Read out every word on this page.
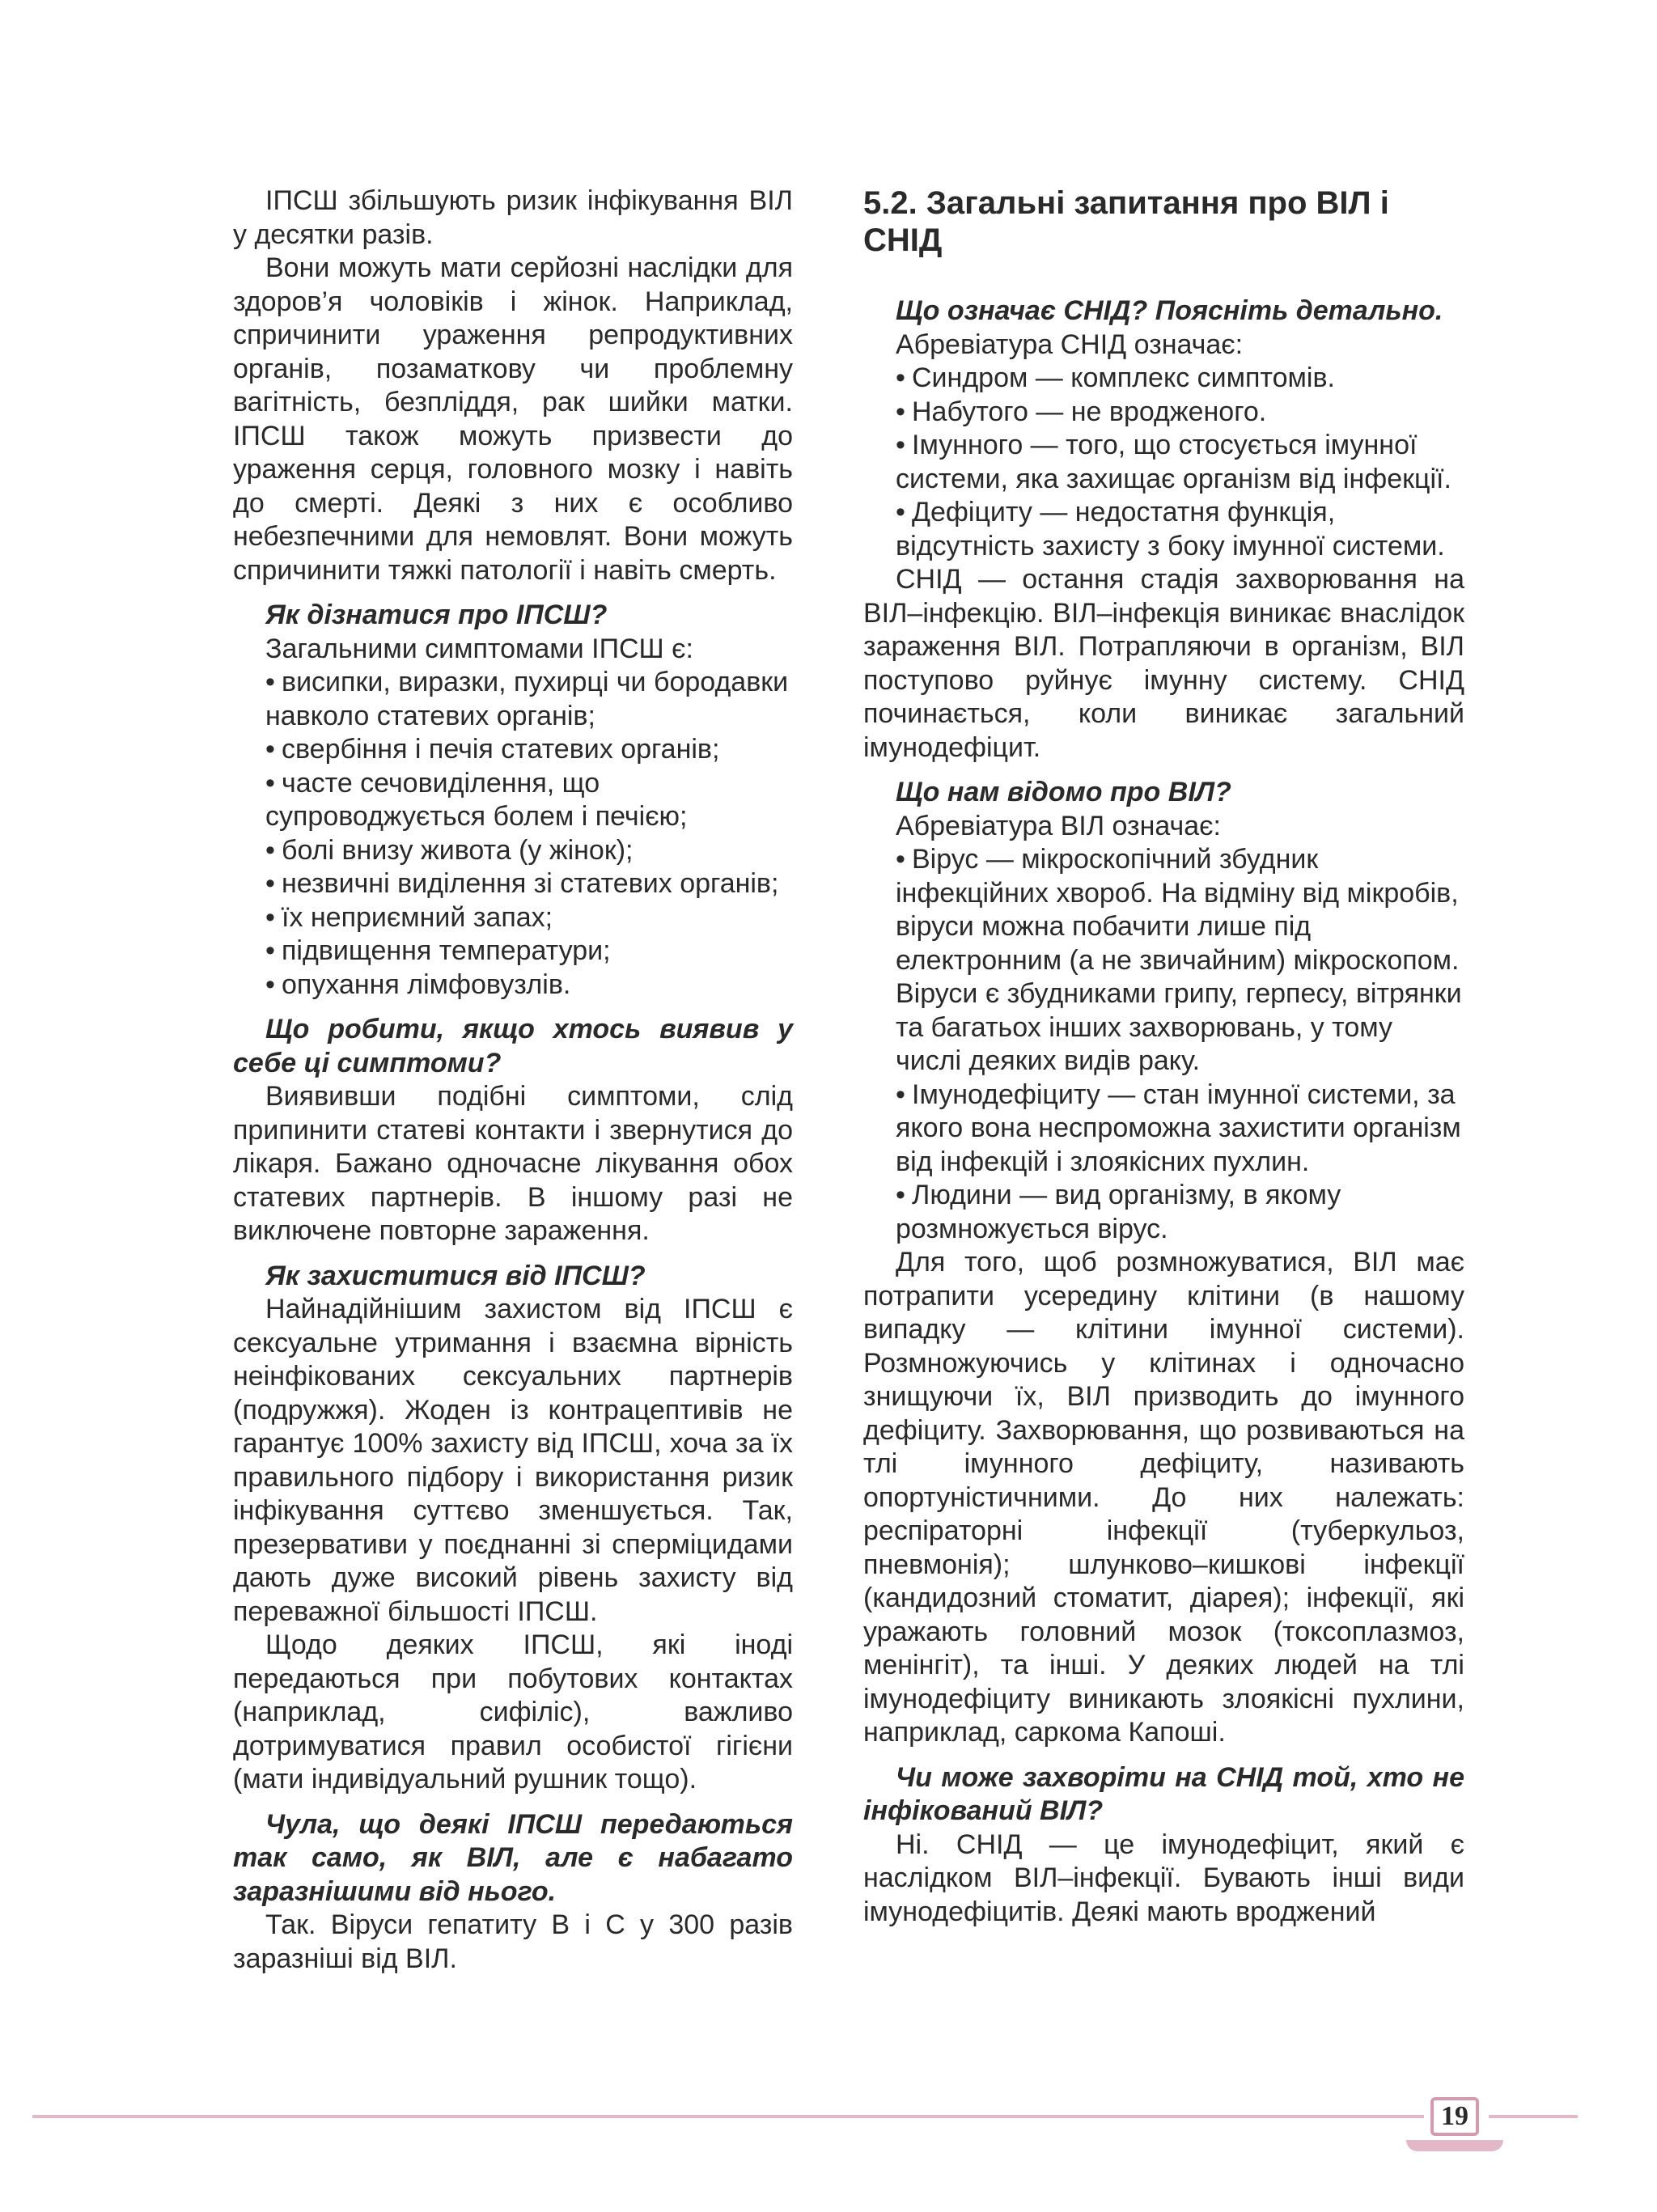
ІПСШ збільшують ризик інфікування ВІЛ у десятки разів.

Вони можуть мати серйозні наслідки для здоров’я чоловіків і жінок. Наприклад, спричинити ураження репродуктивних органів, позаматкову чи проблемну вагітність, безпліддя, рак шийки матки. ІПСШ також можуть призвести до ураження серця, головного мозку і навіть до смерті. Деякі з них є особливо небезпечними для немовлят. Вони можуть спричинити тяжкі патології і навіть смерть.

Як дізнатися про ІПСШ?

Загальними симптомами ІПСШ є:

• висипки, виразки, пухирці чи бородавки навколо статевих органів;

• свербіння і печія статевих органів;

• часте сечовиділення, що супроводжується болем і печією;

• болі внизу живота (у жінок);

• незвичні виділення зі статевих органів;

• їх неприємний запах;

• підвищення температури;

• опухання лімфовузлів.

Що робити, якщо хтось виявив у себе ці симптоми?

Виявивши подібні симптоми, слід припинити статеві контакти і звернутися до лікаря. Бажано одночасне лікування обох статевих партнерів. В іншому разі не виключене повторне зараження.

Як захиститися від ІПСШ?

Найнадійнішим захистом від ІПСШ є сексуальне утримання і взаємна вірність неінфікованих сексуальних партнерів (подружжя). Жоден із контрацептивів не гарантує 100% захисту від ІПСШ, хоча за їх правильного підбору і використання ризик інфікування суттєво зменшується. Так, презервативи у поєднанні зі сперміцидами дають дуже високий рівень захисту від переважної більшості ІПСШ.

Щодо деяких ІПСШ, які іноді передаються при побутових контактах (наприклад, сифіліс), важливо дотримуватися правил особистої гігієни (мати індивідуальний рушник тощо).

Чула, що деякі ІПСШ передаються так само, як ВІЛ, але є набагато заразнішими від нього.

Так. Віруси гепатиту В і С у 300 разів заразніші від ВІЛ.

5.2. Загальні запитання про ВІЛ і СНІД

Що означає СНІД? Поясніть детально.

Абревіатура СНІД означає:

• Синдром — комплекс симптомів.

• Набутого — не вродженого.

• Імунного — того, що стосується імунної системи, яка захищає організм від інфекції.

• Дефіциту — недостатня функція, відсутність захисту з боку імунної системи.

СНІД — остання стадія захворювання на ВІЛ–інфекцію. ВІЛ–інфекція виникає внаслідок зараження ВІЛ. Потрапляючи в організм, ВІЛ поступово руйнує імунну систему. СНІД починається, коли виникає загальний імунодефіцит.

Що нам відомо про ВІЛ?

Абревіатура ВІЛ означає:

• Вірус — мікроскопічний збудник інфекційних хвороб. На відміну від мікробів, віруси можна побачити лише під електронним (а не звичайним) мікроскопом. Віруси є збудниками грипу, герпесу, вітрянки та багатьох інших захворювань, у тому числі деяких видів раку.

• Імунодефіциту — стан імунної системи, за якого вона неспроможна захистити організм від інфекцій і злоякісних пухлин.

• Людини — вид організму, в якому розмножується вірус.

Для того, щоб розмножуватися, ВІЛ має потрапити усередину клітини (в нашому випадку — клітини імунної системи). Розмножуючись у клітинах і одночасно знищуючи їх, ВІЛ призводить до імунного дефіциту. Захворювання, що розвиваються на тлі імунного дефіциту, називають опортуністичними. До них належать: респіраторні інфекції (туберкульоз, пневмонія); шлунково–кишкові інфекції (кандидозний стоматит, діарея); інфекції, які уражають головний мозок (токсоплазмоз, менінгіт), та інші. У деяких людей на тлі імунодефіциту виникають злоякісні пухлини, наприклад, саркома Капоші.

Чи може захворіти на СНІД той, хто не інфікований ВІЛ?

Ні. СНІД — це імунодефіцит, який є наслідком ВІЛ–інфекції. Бувають інші види імунодефіцитів. Деякі мають вроджений

19
